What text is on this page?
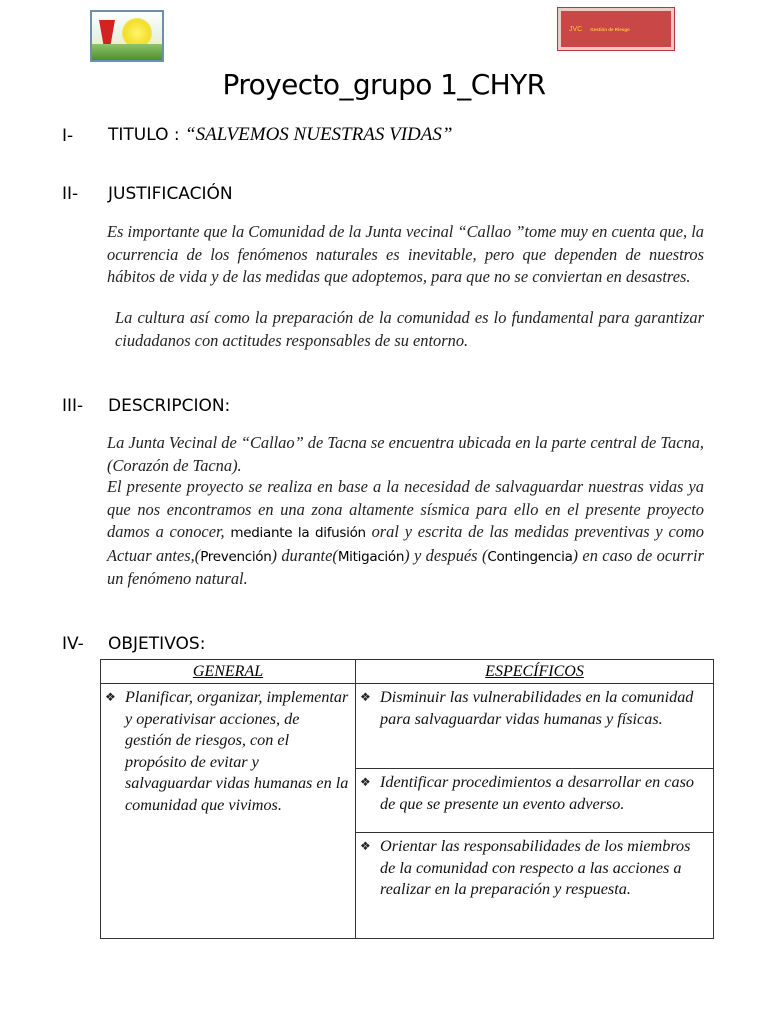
JVC Gestión de Riesgo
Proyecto_grupo 1_CHYR
I- TITULO : “SALVEMOS NUESTRAS VIDAS”
II- JUSTIFICACIÓN
Es importante que la Comunidad de la Junta vecinal “Callao ”tome muy en cuenta que, la ocurrencia de los fenómenos naturales es inevitable, pero que dependen de nuestros hábitos de vida y de las medidas que adoptemos, para que no se conviertan en desastres.
La cultura así como la preparación de la comunidad es lo fundamental para garantizar ciudadanos con actitudes responsables de su entorno.
III- DESCRIPCION:
La Junta Vecinal de “Callao” de Tacna se encuentra ubicada en la parte central de Tacna, (Corazón de Tacna).
El presente proyecto se realiza en base a la necesidad de salvaguardar nuestras vidas ya que nos encontramos en una zona altamente sísmica para ello en el presente proyecto damos a conocer, mediante la difusión oral y escrita de las medidas preventivas y como Actuar antes,(Prevención) durante(Mitigación) y después (Contingencia) en caso de ocurrir un fenómeno natural.
IV- OBJETIVOS:
GENERAL	ESPECÍFICOS

❖ Planificar, organizar, implementar y operativisar acciones, de gestión de riesgos, con el propósito de evitar y salvaguardar vidas humanas en la comunidad que vivimos.	❖ Disminuir las vulnerabilidades en la comunidad para salvaguardar vidas humanas y físicas.

	❖ Identificar procedimientos a desarrollar en caso de que se presente un evento adverso.

	❖ Orientar las responsabilidades de los miembros de la comunidad con respecto a las acciones a realizar en la preparación y respuesta.
